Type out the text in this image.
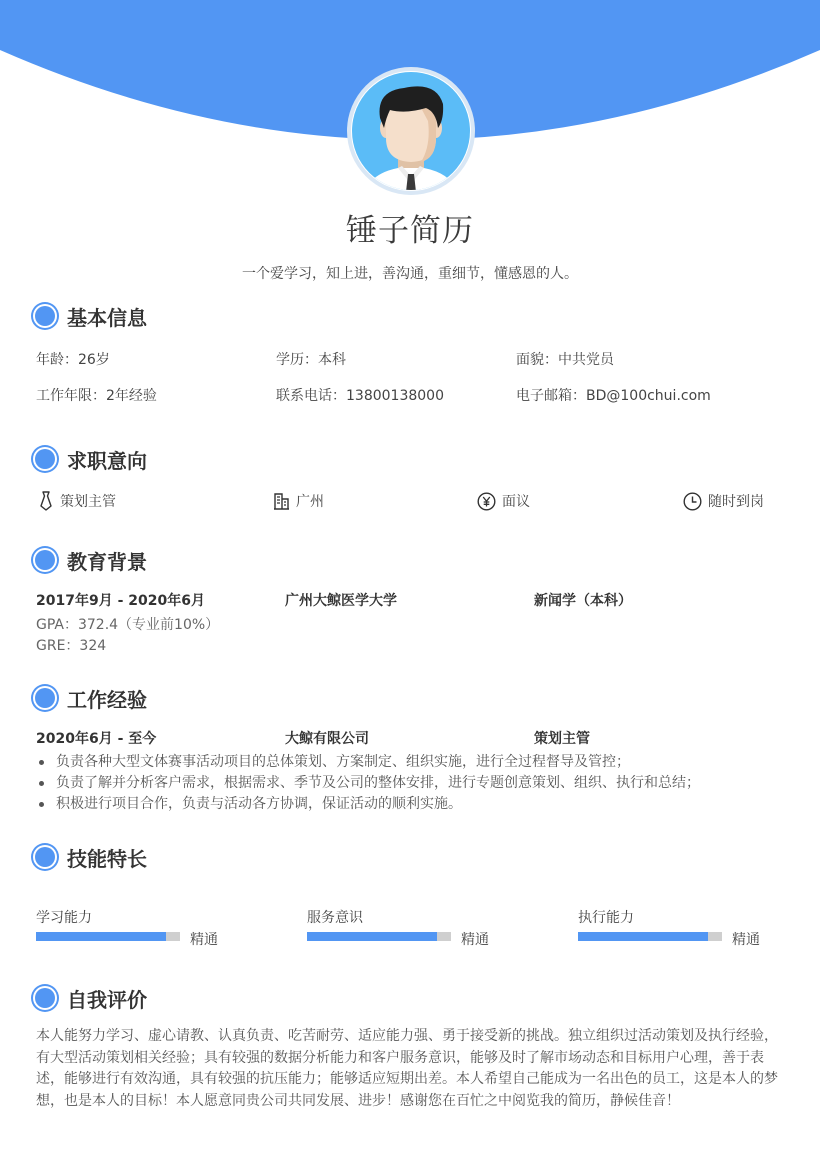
锤子简历
一个爱学习，知上进，善沟通，重细节，懂感恩的人。
基本信息
年龄：26岁	学历：本科	面貌：中共党员
工作年限：2年经验	联系电话：13800138000	电子邮箱：BD@100chui.com
求职意向
策划主管	广州	面议	随时到岗
教育背景
2017年9月 - 2020年6月	广州大鲸医学大学	新闻学（本科）
GPA：372.4（专业前10%）
GRE：324
工作经验
2020年6月 - 至今	大鲸有限公司	策划主管
负责各种大型文体赛事活动项目的总体策划、方案制定、组织实施，进行全过程督导及管控；
负责了解并分析客户需求，根据需求、季节及公司的整体安排，进行专题创意策划、组织、执行和总结；
积极进行项目合作，负责与活动各方协调，保证活动的顺利实施。
技能特长
学习能力
精通
服务意识
精通
执行能力
精通
自我评价
本人能努力学习、虚心请教、认真负责、吃苦耐劳、适应能力强、勇于接受新的挑战。独立组织过活动策划及执行经验，有大型活动策划相关经验；具有较强的数据分析能力和客户服务意识，能够及时了解市场动态和目标用户心理，善于表述，能够进行有效沟通，具有较强的抗压能力；能够适应短期出差。本人希望自己能成为一名出色的员工，这是本人的梦想，也是本人的目标！本人愿意同贵公司共同发展、进步！感谢您在百忙之中阅览我的简历，静候佳音！
